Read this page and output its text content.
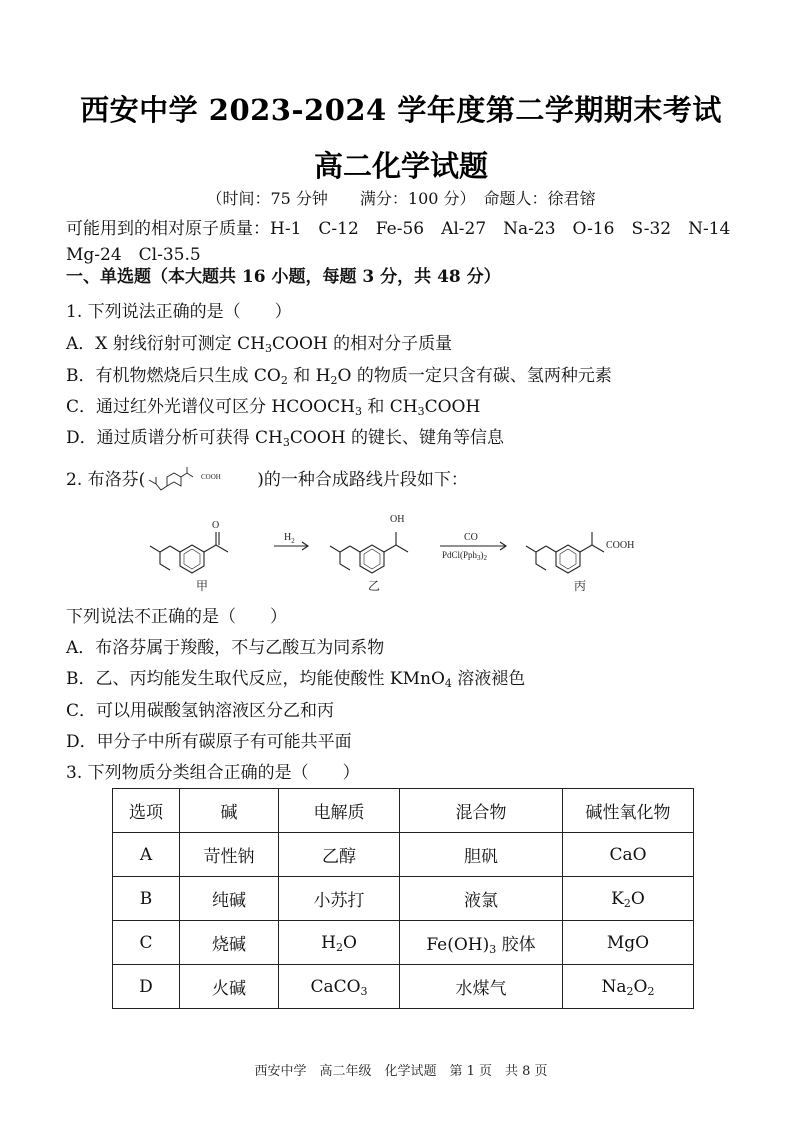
西安中学 2023-2024 学年度第二学期期末考试
高二化学试题
（时间：75 分钟　　满分：100 分）　命题人：徐君镕
可能用到的相对原子质量：H-1　C-12　Fe-56　Al-27　Na-23　O-16　S-32　N-14
Mg-24　Cl-35.5
一、单选题（本大题共 16 小题，每题 3 分，共 48 分）
1. 下列说法正确的是（　　）
A．X 射线衍射可测定 $CH_3COOH$ 的相对分子质量
B．有机物燃烧后只生成 $CO_2$ 和 $H_2O$ 的物质一定只含有碳、氢两种元素
C．通过红外光谱仪可区分 $HCOOCH_3$ 和 $CH_3COOH$
D．通过质谱分析可获得 $CH_3COOH$ 的键长、键角等信息
2. 布洛芬(	COOH )的一种合成路线片段如下：
O
OH
COOH
$H_2$	CO
$PdCl(Pph_3)_2$
甲	乙	丙
下列说法不正确的是（　　）
A．布洛芬属于羧酸，不与乙酸互为同系物
B．乙、丙均能发生取代反应，均能使酸性 KMnO$_4$ 溶液褪色
C．可以用碳酸氢钠溶液区分乙和丙
D．甲分子中所有碳原子有可能共平面
3. 下列物质分类组合正确的是（　　）
选项	碱	电解质	混合物	碱性氧化物
A	苛性钠	乙醇	胆矾	CaO
B	纯碱	小苏打	液氯	$K_2O$
C	烧碱	$H_2O$	$Fe(OH)_3$ 胶体	MgO
D	火碱	CaCO$_3$	水煤气	$Na_2O_2$
西安中学　高二年级　化学试题　第 1 页　共 8 页
